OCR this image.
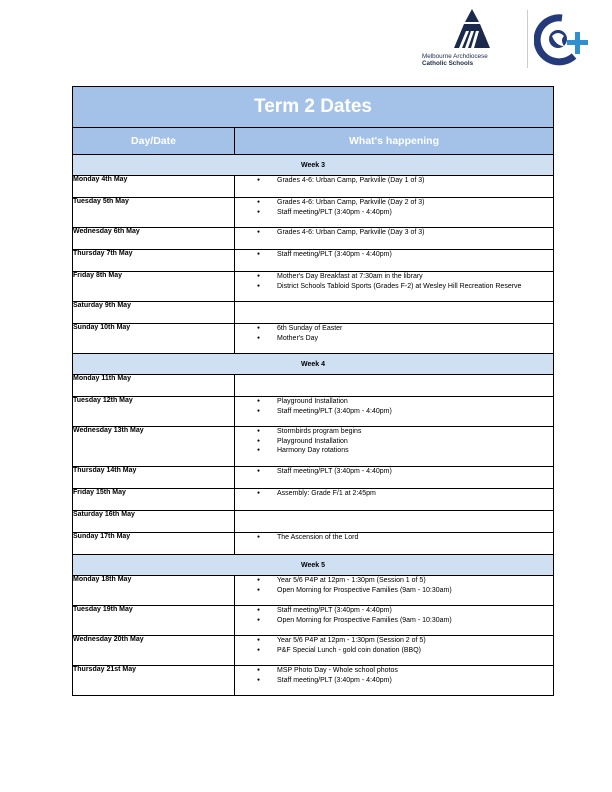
Melbourne Archdiocese
Catholic Schools
Term 2 Dates	
Day/Date	What's happening
Week 3	
Monday 4th May	● Grades 4-6: Urban Camp, Parkville (Day 1 of 3)

Tuesday 5th May	● Grades 4-6: Urban Camp, Parkville (Day 2 of 3)
● Staff meeting/PLT (3:40pm - 4:40pm)

Wednesday 6th May	● Grades 4-6: Urban Camp, Parkville (Day 3 of 3)

Thursday 7th May	● Staff meeting/PLT (3:40pm - 4:40pm)

Friday 8th May	● Mother's Day Breakfast at 7:30am in the library
● District Schools Tabloid Sports (Grades F-2) at Wesley Hill Recreation Reserve

Saturday 9th May	
Sunday 10th May	● 6th Sunday of Easter
● Mother's Day

Week 4	
Monday 11th May	
Tuesday 12th May	● Playground Installation
● Staff meeting/PLT (3:40pm - 4:40pm)

Wednesday 13th May	● Stormbirds program begins
● Playground Installation
● Harmony Day rotations

Thursday 14th May	● Staff meeting/PLT (3:40pm - 4:40pm)

Friday 15th May	● Assembly: Grade F/1 at 2:45pm

Saturday 16th May	
Sunday 17th May	● The Ascension of the Lord

Week 5	
Monday 18th May	● Year 5/6 P4P at 12pm - 1:30pm (Session 1 of 5)
● Open Morning for Prospective Families (9am - 10:30am)

Tuesday 19th May	● Staff meeting/PLT (3:40pm - 4:40pm)
● Open Morning for Prospective Families (9am - 10:30am)

Wednesday 20th May	● Year 5/6 P4P at 12pm - 1:30pm (Session 2 of 5)
● P&F Special Lunch - gold coin donation (BBQ)

Thursday 21st May	● MSP Photo Day - Whole school photos
● Staff meeting/PLT (3:40pm - 4:40pm)
